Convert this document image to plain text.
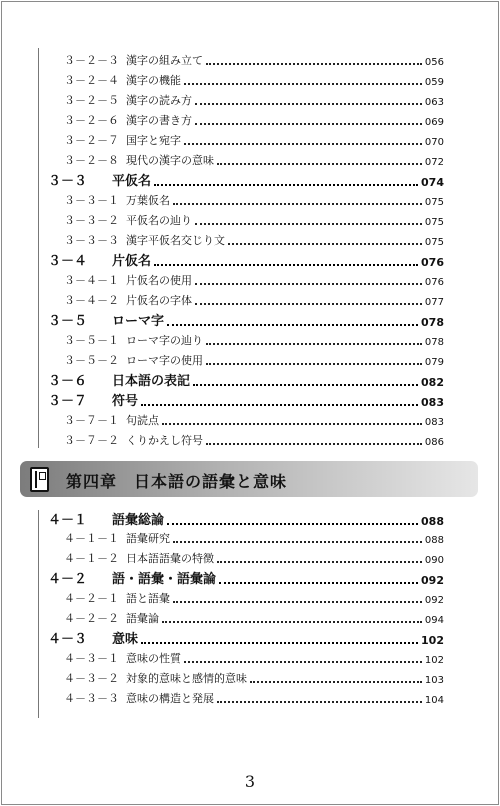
３－２－３ 漢字の組み立て	056
３－２－４ 漢字の機能	059
３－２－５ 漢字の読み方	063
３－２－６ 漢字の書き方	069
３－２－７ 国字と宛字	070
３－２－８ 現代の漢字の意味	072
３－３	平仮名	074
３－３－１ 万葉仮名	075
３－３－２ 平仮名の辿り	075
３－３－３ 漢字平仮名交じり文	075
３－４	片仮名	076
３－４－１ 片仮名の使用	076
３－４－２ 片仮名の字体	077
３－５	ローマ字	078
３－５－１ ローマ字の辿り	078
３－５－２ ローマ字の使用	079
３－６	日本語の表記	082
３－７	符号	083
３－７－１ 句読点	083
３－７－２ くりかえし符号	086
第四章　日本語の語彙と意味
４－１	語彙総論	088
４－１－１ 語彙研究	088
４－１－２ 日本語語彙の特徴	090
４－２	語・語彙・語彙論	092
４－２－１ 語と語彙	092
４－２－２ 語彙論	094
４－３	意味	102
４－３－１ 意味の性質	102
４－３－２ 対象的意味と感情的意味	103
４－３－３ 意味の構造と発展	104
3
